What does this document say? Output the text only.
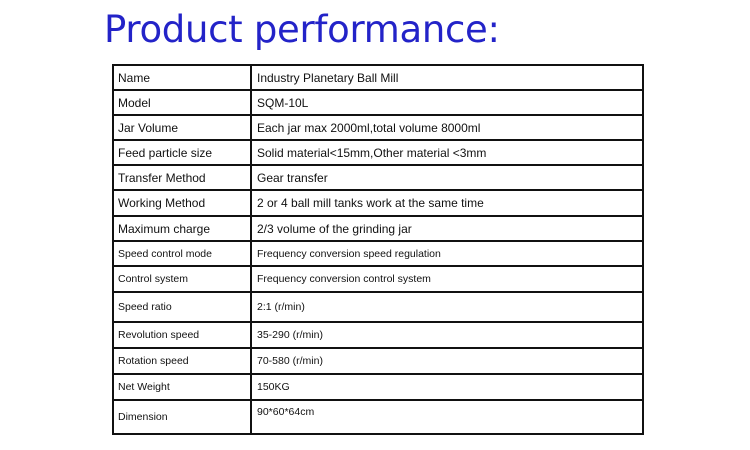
Product performance:
Name	Industry Planetary Ball Mill
Model	SQM-10L
Jar Volume	Each jar max 2000ml,total volume 8000ml
Feed particle size	Solid material<15mm,Other material <3mm
Transfer Method	Gear transfer
Working Method	2 or 4 ball mill tanks work at the same time
Maximum charge	2/3 volume of the grinding jar
Speed control mode	Frequency conversion speed regulation
Control system	Frequency conversion control system
Speed ratio	2:1 (r/min)
Revolution speed	35-290 (r/min)
Rotation speed	70-580 (r/min)
Net Weight	150KG
Dimension	90*60*64cm
